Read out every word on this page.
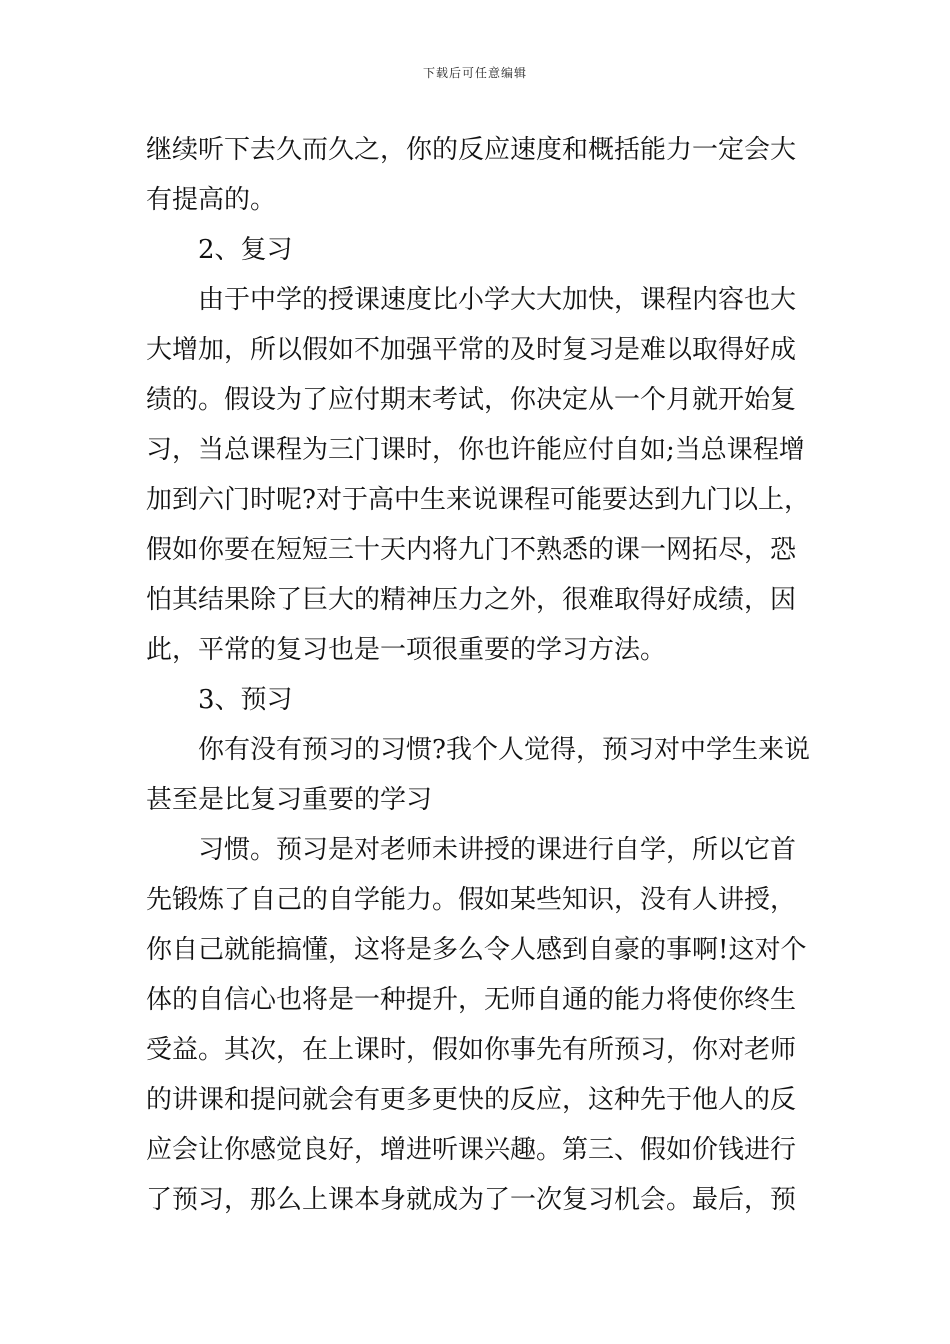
下载后可任意编辑
继续听下去久而久之，你的反应速度和概括能力一定会大
有提高的。
2、复习
由于中学的授课速度比小学大大加快，课程内容也大
大增加，所以假如不加强平常的及时复习是难以取得好成
绩的。假设为了应付期末考试，你决定从一个月就开始复
习，当总课程为三门课时，你也许能应付自如;当总课程增
加到六门时呢?对于高中生来说课程可能要达到九门以上，
假如你要在短短三十天内将九门不熟悉的课一网拓尽，恐
怕其结果除了巨大的精神压力之外，很难取得好成绩，因
此，平常的复习也是一项很重要的学习方法。
3、预习
你有没有预习的习惯?我个人觉得，预习对中学生来说
甚至是比复习重要的学习
习惯。预习是对老师未讲授的课进行自学，所以它首
先锻炼了自己的自学能力。假如某些知识，没有人讲授，
你自己就能搞懂，这将是多么令人感到自豪的事啊!这对个
体的自信心也将是一种提升，无师自通的能力将使你终生
受益。其次，在上课时，假如你事先有所预习，你对老师
的讲课和提问就会有更多更快的反应，这种先于他人的反
应会让你感觉良好，增进听课兴趣。第三、假如价钱进行
了预习，那么上课本身就成为了一次复习机会。最后，预
